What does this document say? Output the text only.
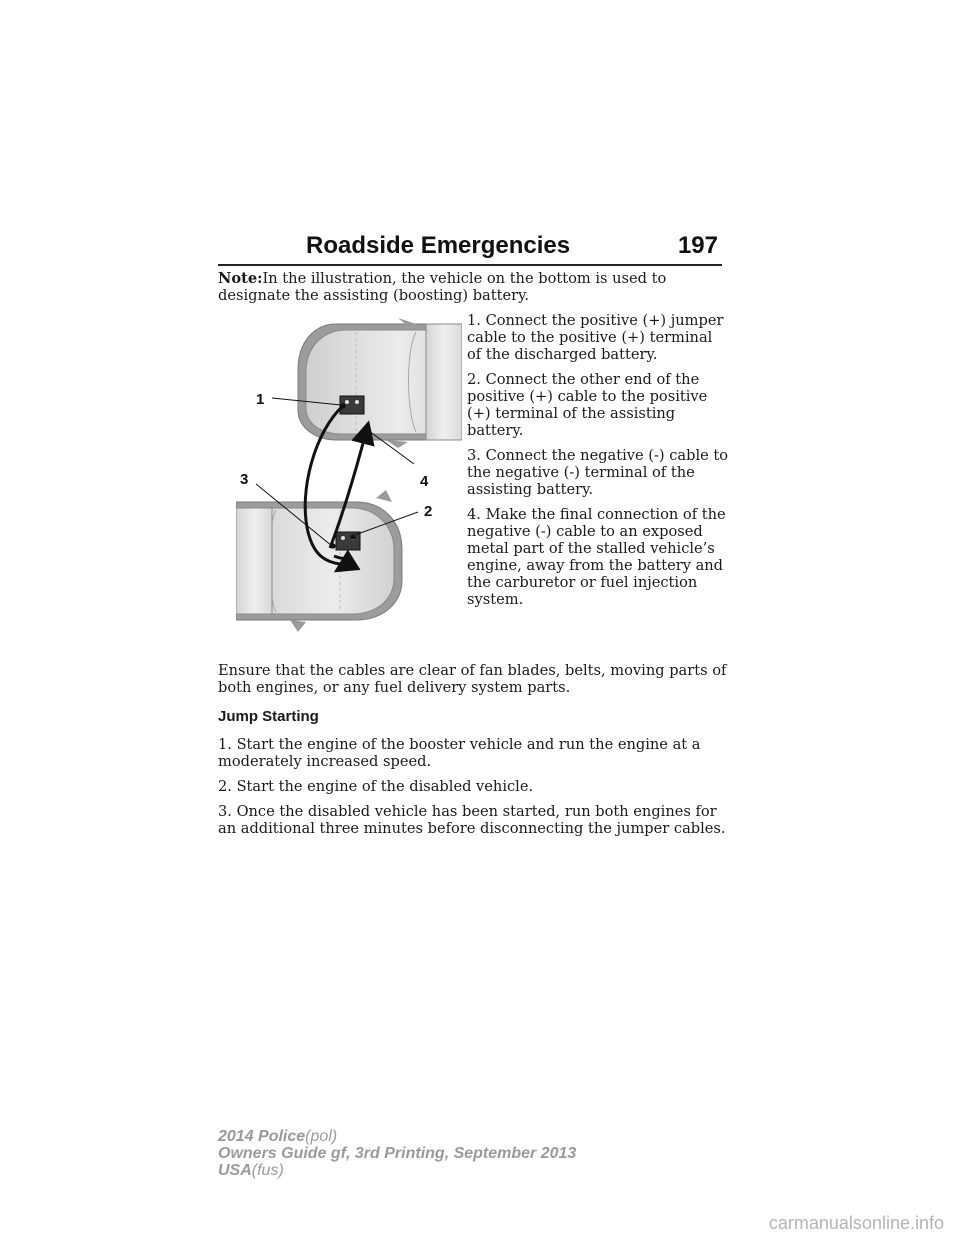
Roadside Emergencies	197

Note:In the illustration, the vehicle on the bottom is used to designate the assisting (boosting) battery.

1
2
3	4

1. Connect the positive (+) jumper cable to the positive (+) terminal of the discharged battery.

2. Connect the other end of the positive (+) cable to the positive (+) terminal of the assisting battery.

3. Connect the negative (-) cable to the negative (-) terminal of the assisting battery.

4. Make the final connection of the negative (-) cable to an exposed metal part of the stalled vehicle’s engine, away from the battery and the carburetor or fuel injection system.

Ensure that the cables are clear of fan blades, belts, moving parts of both engines, or any fuel delivery system parts.

Jump Starting

1. Start the engine of the booster vehicle and run the engine at a moderately increased speed.

2. Start the engine of the disabled vehicle.

3. Once the disabled vehicle has been started, run both engines for an additional three minutes before disconnecting the jumper cables.

2014 Police(pol)
Owners Guide gf, 3rd Printing, September 2013
USA(fus)
carmanualsonline.info
